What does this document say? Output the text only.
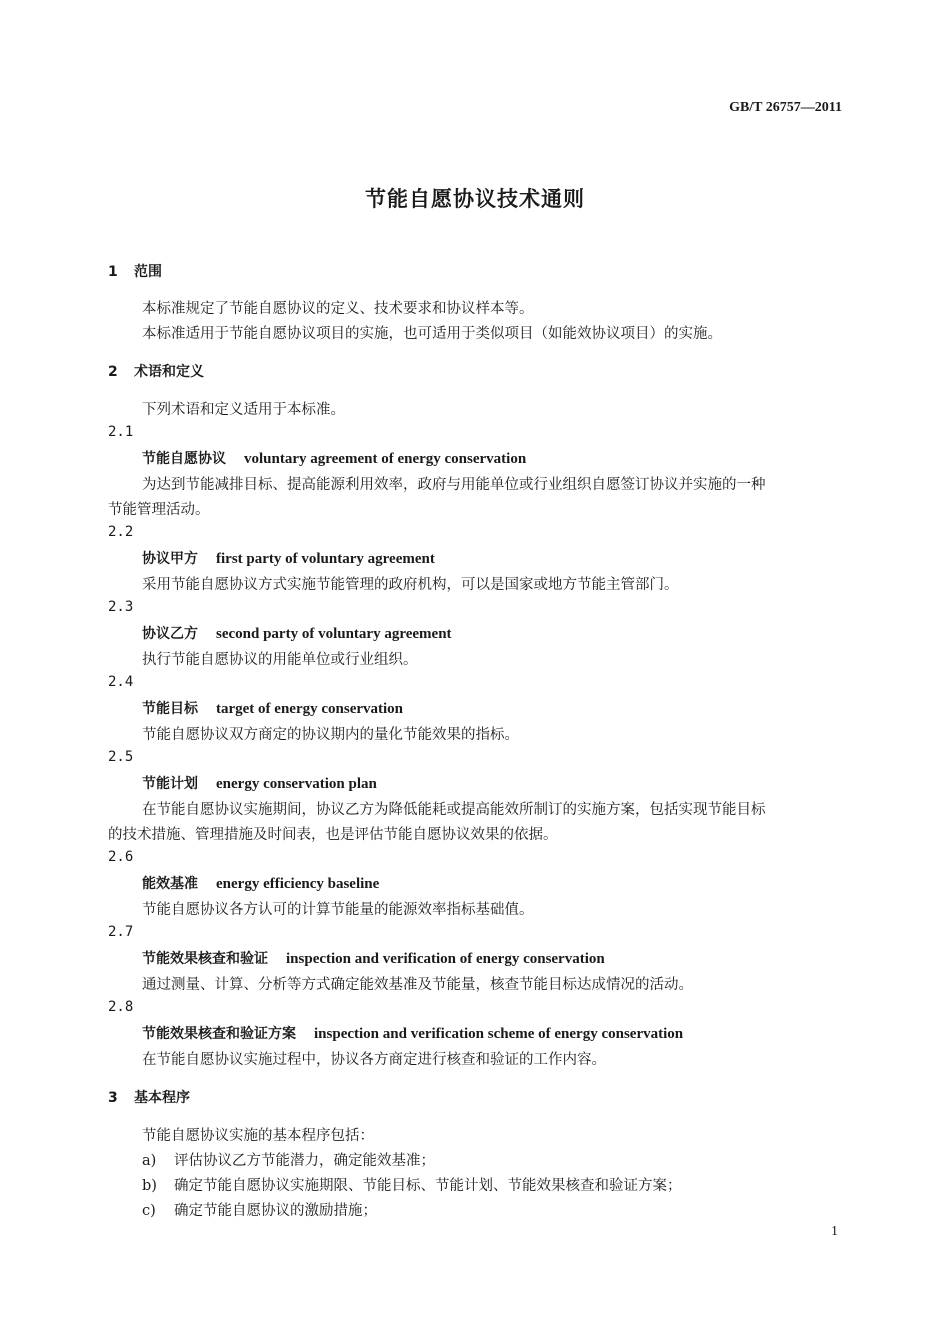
GB/T 26757—2011
节能自愿协议技术通则
1 范围
本标准规定了节能自愿协议的定义、技术要求和协议样本等。
本标准适用于节能自愿协议项目的实施，也可适用于类似项目（如能效协议项目）的实施。
2 术语和定义
下列术语和定义适用于本标准。
2.1
节能自愿协议 voluntary agreement of energy conservation
为达到节能减排目标、提高能源利用效率，政府与用能单位或行业组织自愿签订协议并实施的一种
节能管理活动。
2.2
协议甲方 first party of voluntary agreement
采用节能自愿协议方式实施节能管理的政府机构，可以是国家或地方节能主管部门。
2.3
协议乙方 second party of voluntary agreement
执行节能自愿协议的用能单位或行业组织。
2.4
节能目标 target of energy conservation
节能自愿协议双方商定的协议期内的量化节能效果的指标。
2.5
节能计划 energy conservation plan
在节能自愿协议实施期间，协议乙方为降低能耗或提高能效所制订的实施方案，包括实现节能目标
的技术措施、管理措施及时间表，也是评估节能自愿协议效果的依据。
2.6
能效基准 energy efficiency baseline
节能自愿协议各方认可的计算节能量的能源效率指标基础值。
2.7
节能效果核查和验证 inspection and verification of energy conservation
通过测量、计算、分析等方式确定能效基准及节能量，核查节能目标达成情况的活动。
2.8
节能效果核查和验证方案 inspection and verification scheme of energy conservation
在节能自愿协议实施过程中，协议各方商定进行核查和验证的工作内容。
3 基本程序
节能自愿协议实施的基本程序包括：
a) 评估协议乙方节能潜力，确定能效基准；
b) 确定节能自愿协议实施期限、节能目标、节能计划、节能效果核查和验证方案；
c) 确定节能自愿协议的激励措施；
1
